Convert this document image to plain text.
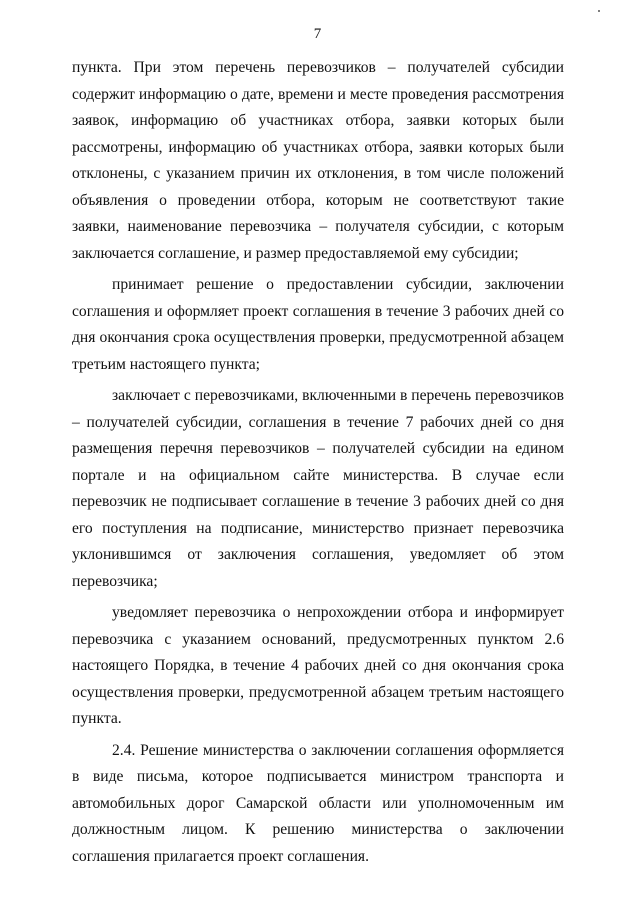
7

пункта. При этом перечень перевозчиков – получателей субсидии содержит информацию о дате, времени и месте проведения рассмотрения заявок, информацию об участниках отбора, заявки которых были рассмотрены, информацию об участниках отбора, заявки которых были отклонены, с указанием причин их отклонения, в том числе положений объявления о проведении отбора, которым не соответствуют такие заявки, наименование перевозчика – получателя субсидии, с которым заключается соглашение, и размер предоставляемой ему субсидии;

принимает решение о предоставлении субсидии, заключении соглашения и оформляет проект соглашения в течение 3 рабочих дней со дня окончания срока осуществления проверки, предусмотренной абзацем третьим настоящего пункта;

заключает с перевозчиками, включенными в перечень перевозчиков – получателей субсидии, соглашения в течение 7 рабочих дней со дня размещения перечня перевозчиков – получателей субсидии на едином портале и на официальном сайте министерства. В случае если перевозчик не подписывает соглашение в течение 3 рабочих дней со дня его поступления на подписание, министерство признает перевозчика уклонившимся от заключения соглашения, уведомляет об этом перевозчика;

уведомляет перевозчика о непрохождении отбора и информирует перевозчика с указанием оснований, предусмотренных пунктом 2.6 настоящего Порядка, в течение 4 рабочих дней со дня окончания срока осуществления проверки, предусмотренной абзацем третьим настоящего пункта.

2.4. Решение министерства о заключении соглашения оформляется в виде письма, которое подписывается министром транспорта и автомобильных дорог Самарской области или уполномоченным им должностным лицом. К решению министерства о заключении соглашения прилагается проект соглашения.
